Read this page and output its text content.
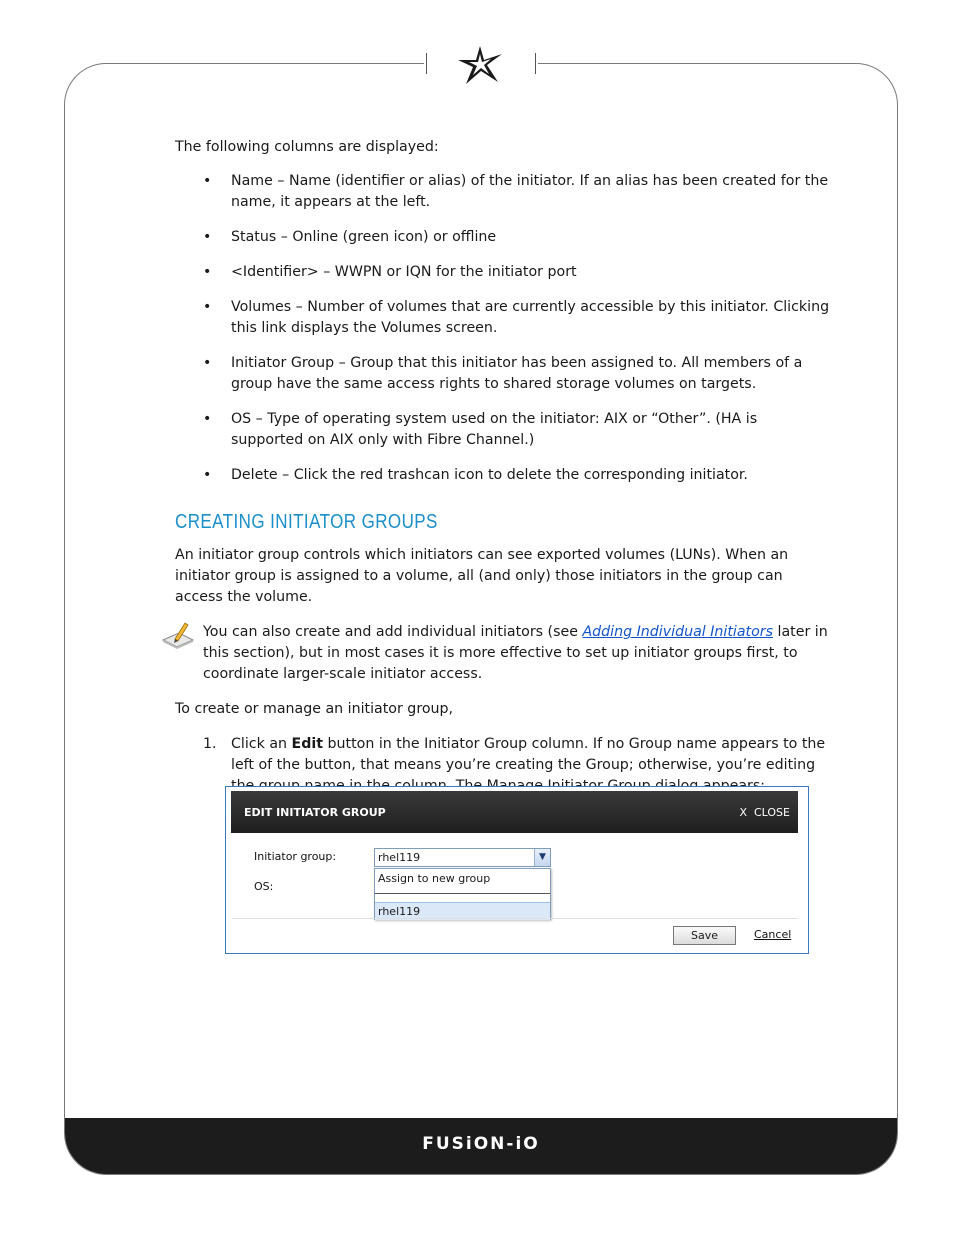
FUSiON-iO	26

The following columns are displayed:

• Name – Name (identifier or alias) of the initiator. If an alias has been created for the name, it appears at the left.
• Status – Online (green icon) or offline
• <Identifier> – WWPN or IQN for the initiator port
• Volumes – Number of volumes that are currently accessible by this initiator. Clicking this link displays the Volumes screen.
• Initiator Group – Group that this initiator has been assigned to. All members of a group have the same access rights to shared storage volumes on targets.
• OS – Type of operating system used on the initiator: AIX or “Other”. (HA is supported on AIX only with Fibre Channel.)
• Delete – Click the red trashcan icon to delete the corresponding initiator.
CREATING INITIATOR GROUPS

An initiator group controls which initiators can see exported volumes (LUNs). When an initiator group is assigned to a volume, all (and only) those initiators in the group can access the volume.

You can also create and add individual initiators (see Adding Individual Initiators later in this section), but in most cases it is more effective to set up initiator groups first, to coordinate larger-scale initiator access.

To create or manage an initiator group,

1. Click an Edit button in the Initiator Group column. If no Group name appears to the left of the button, that means you’re creating the Group; otherwise, you’re editing
EDIT INITIATOR GROUP	X  CLOSE
Initiator group:
OS:
rhel119	▼
Assign to new group
rhel119
Save	Cancel
